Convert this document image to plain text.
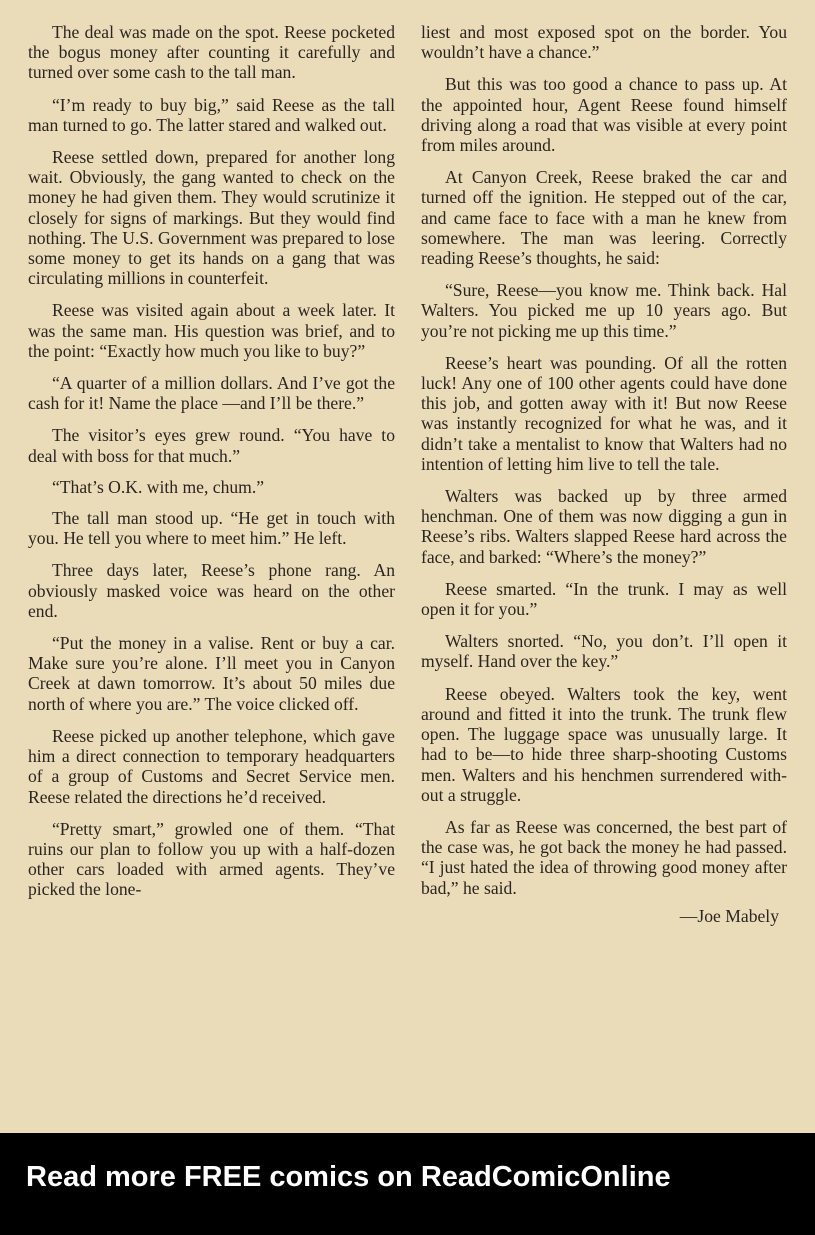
The deal was made on the spot. Reese pocketed the bogus money after counting it carefully and turned over some cash to the tall man.

“I’m ready to buy big,” said Reese as the tall man turned to go. The latter stared and walked out.

Reese settled down, prepared for another long wait. Obviously, the gang wanted to check on the money he had given them. They would scrutinize it closely for signs of markings. But they would find nothing. The U.S. Government was prepared to lose some money to get its hands on a gang that was circulating millions in counterfeit.

Reese was visited again about a week later. It was the same man. His question was brief, and to the point: “Exactly how much you like to buy?”

“A quarter of a million dollars. And I’ve got the cash for it! Name the place —and I’ll be there.”

The visitor’s eyes grew round. “You have to deal with boss for that much.”

“That’s O.K. with me, chum.”

The tall man stood up. “He get in touch with you. He tell you where to meet him.” He left.

Three days later, Reese’s phone rang. An obviously masked voice was heard on the other end.

“Put the money in a valise. Rent or buy a car. Make sure you’re alone. I’ll meet you in Canyon Creek at dawn tomorrow. It’s about 50 miles due north of where you are.” The voice clicked off.

Reese picked up another telephone, which gave him a direct connection to temporary headquarters of a group of Customs and Secret Service men. Reese related the directions he’d received.

“Pretty smart,” growled one of them. “That ruins our plan to follow you up with a half-dozen other cars loaded with armed agents. They’ve picked the lone-

liest and most exposed spot on the border. You wouldn’t have a chance.”

But this was too good a chance to pass up. At the appointed hour, Agent Reese found himself driving along a road that was visible at every point from miles around.

At Canyon Creek, Reese braked the car and turned off the ignition. He stepped out of the car, and came face to face with a man he knew from somewhere. The man was leering. Correctly reading Reese’s thoughts, he said:

“Sure, Reese—you know me. Think back. Hal Walters. You picked me up 10 years ago. But you’re not picking me up this time.”

Reese’s heart was pounding. Of all the rotten luck! Any one of 100 other agents could have done this job, and gotten away with it! But now Reese was instantly recognized for what he was, and it didn’t take a mentalist to know that Walters had no intention of letting him live to tell the tale.

Walters was backed up by three armed henchman. One of them was now digging a gun in Reese’s ribs. Walters slapped Reese hard across the face, and barked: “Where’s the money?”

Reese smarted. “In the trunk. I may as well open it for you.”

Walters snorted. “No, you don’t. I’ll open it myself. Hand over the key.”

Reese obeyed. Walters took the key, went around and fitted it into the trunk. The trunk flew open. The luggage space was unusually large. It had to be—to hide three sharp-shooting Customs men. Walters and his henchmen surrendered without a struggle.

As far as Reese was concerned, the best part of the case was, he got back the money he had passed. “I just hated the idea of throwing good money after bad,” he said.

—Joe Mabely
Read more FREE comics on ReadComicOnline
